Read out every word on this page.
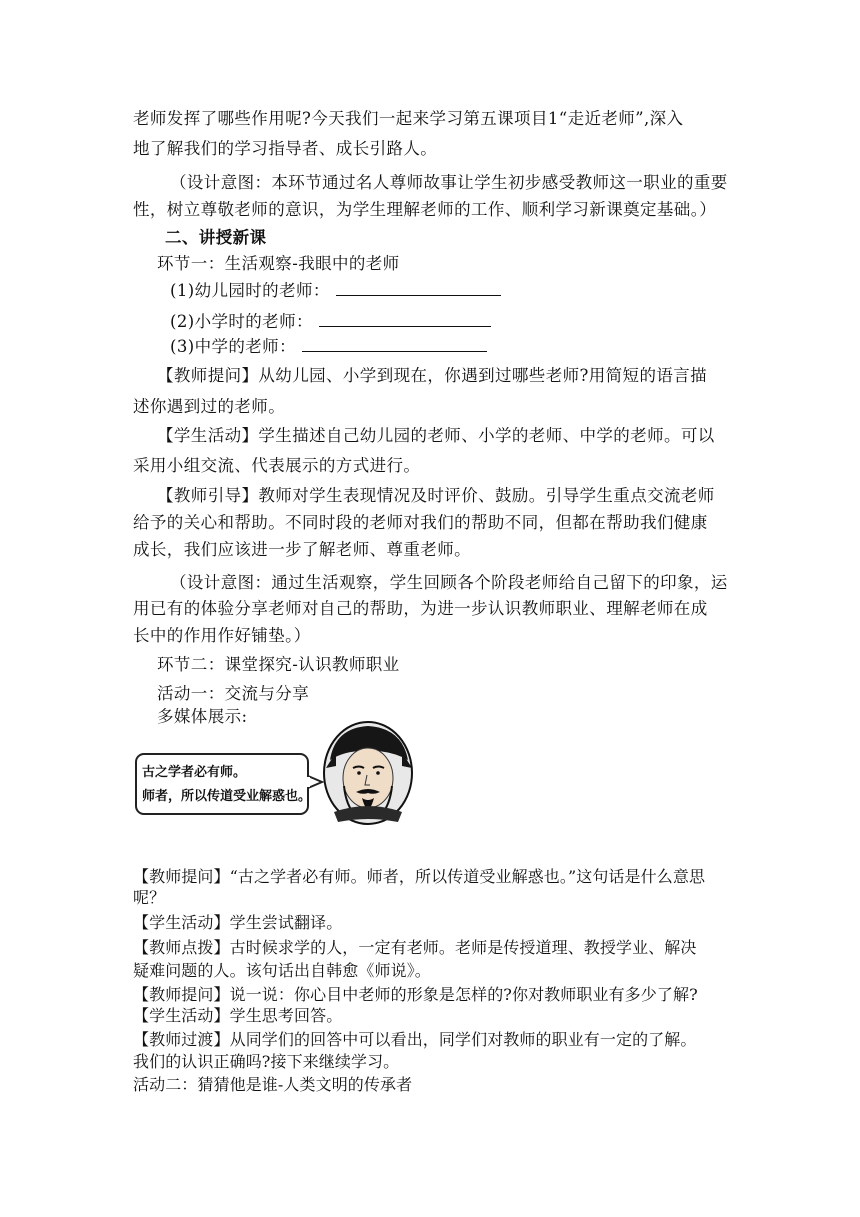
老师发挥了哪些作用呢?今天我们一起来学习第五课项目1“走近老师”,深入
地了解我们的学习指导者、成长引路人。
（设计意图：本环节通过名人尊师故事让学生初步感受教师这一职业的重要
性，树立尊敬老师的意识，为学生理解老师的工作、顺利学习新课奠定基础。）
二、讲授新课
环节一：生活观察-我眼中的老师
(1)幼儿园时的老师：
(2)小学时的老师：
(3)中学的老师：
【教师提问】从幼儿园、小学到现在，你遇到过哪些老师?用简短的语言描
述你遇到过的老师。
【学生活动】学生描述自己幼儿园的老师、小学的老师、中学的老师。可以
采用小组交流、代表展示的方式进行。
【教师引导】教师对学生表现情况及时评价、鼓励。引导学生重点交流老师
给予的关心和帮助。不同时段的老师对我们的帮助不同，但都在帮助我们健康
成长，我们应该进一步了解老师、尊重老师。
（设计意图：通过生活观察，学生回顾各个阶段老师给自己留下的印象，运
用已有的体验分享老师对自己的帮助，为进一步认识教师职业、理解老师在成
长中的作用作好铺垫。）
环节二：课堂探究-认识教师职业
活动一：交流与分享
多媒体展示:
古之学者必有师。
师者，所以传道受业解惑也。
【教师提问】“古之学者必有师。师者，所以传道受业解惑也。”这句话是什么意思
呢？
【学生活动】学生尝试翻译。
【教师点拨】古时候求学的人，一定有老师。老师是传授道理、教授学业、解决
疑难问题的人。该句话出自韩愈《师说》。
【教师提问】说一说：你心目中老师的形象是怎样的?你对教师职业有多少了解?
【学生活动】学生思考回答。
【教师过渡】从同学们的回答中可以看出，同学们对教师的职业有一定的了解。
我们的认识正确吗?接下来继续学习。
活动二：猜猜他是谁-人类文明的传承者
